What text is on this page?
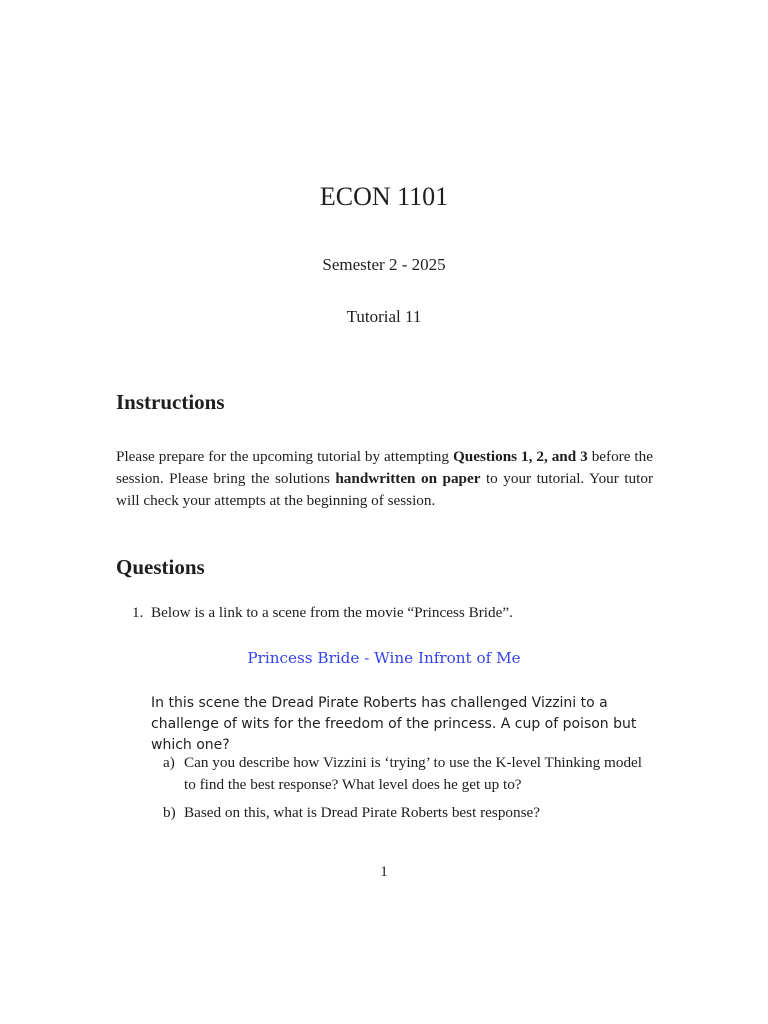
ECON 1101
Semester 2 - 2025
Tutorial 11
Instructions
Please prepare for the upcoming tutorial by attempting Questions 1, 2, and 3 before the session. Please bring the solutions handwritten on paper to your tutorial. Your tutor will check your attempts at the beginning of session.
Questions
1. Below is a link to a scene from the movie “Princess Bride”.
Princess Bride - Wine Infront of Me
In this scene the Dread Pirate Roberts has challenged Vizzini to a challenge of wits for the freedom of the princess. A cup of poison but which one?
a) Can you describe how Vizzini is ‘trying’ to use the K-level Thinking model to find the best response? What level does he get up to?
b) Based on this, what is Dread Pirate Roberts best response?
1
